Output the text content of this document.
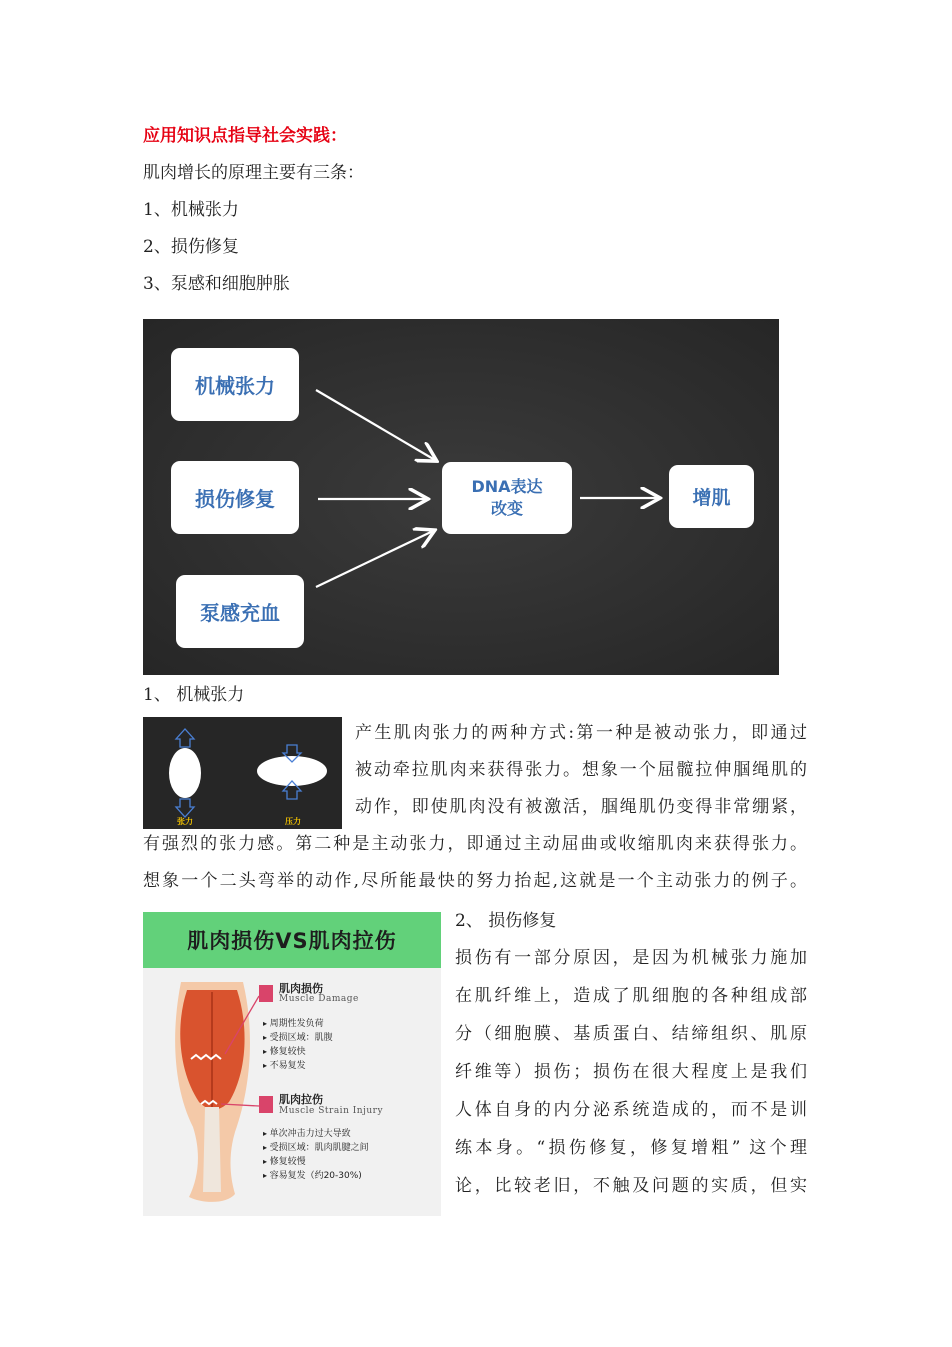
应用知识点指导社会实践：
肌肉增长的原理主要有三条：
1、机械张力
2、损伤修复
3、泵感和细胞肿胀
机械张力
损伤修复
泵感充血
DNA表达
改变	增肌
1、 机械张力
张力	压力
产生肌肉张力的两种方式:第一种是被动张力，即通过
被动牵拉肌肉来获得张力。想象一个屈髋拉伸腘绳肌的
动作，即使肌肉没有被激活，腘绳肌仍变得非常绷紧，
有强烈的张力感。第二种是主动张力，即通过主动屈曲或收缩肌肉来获得张力。
想象一个二头弯举的动作,尽所能最快的努力抬起,这就是一个主动张力的例子。
肌肉损伤VS肌肉拉伤
肌肉损伤
Muscle Damage
▸ 周期性发负荷
▸ 受损区域：肌腹
▸ 修复较快
▸ 不易复发
肌肉拉伤
Muscle Strain Injury
▸ 单次冲击力过大导致
▸ 受损区域：肌肉肌腱之间
▸ 修复较慢
▸ 容易复发（约20-30%)
2、 损伤修复
损伤有一部分原因，是因为机械张力施加
在肌纤维上，造成了肌细胞的各种组成部
分（细胞膜、基质蛋白、结缔组织、肌原
纤维等）损伤；损伤在很大程度上是我们
人体自身的内分泌系统造成的，而不是训
练本身。“损伤修复，修复增粗” 这个理
论，比较老旧，不触及问题的实质，但实
